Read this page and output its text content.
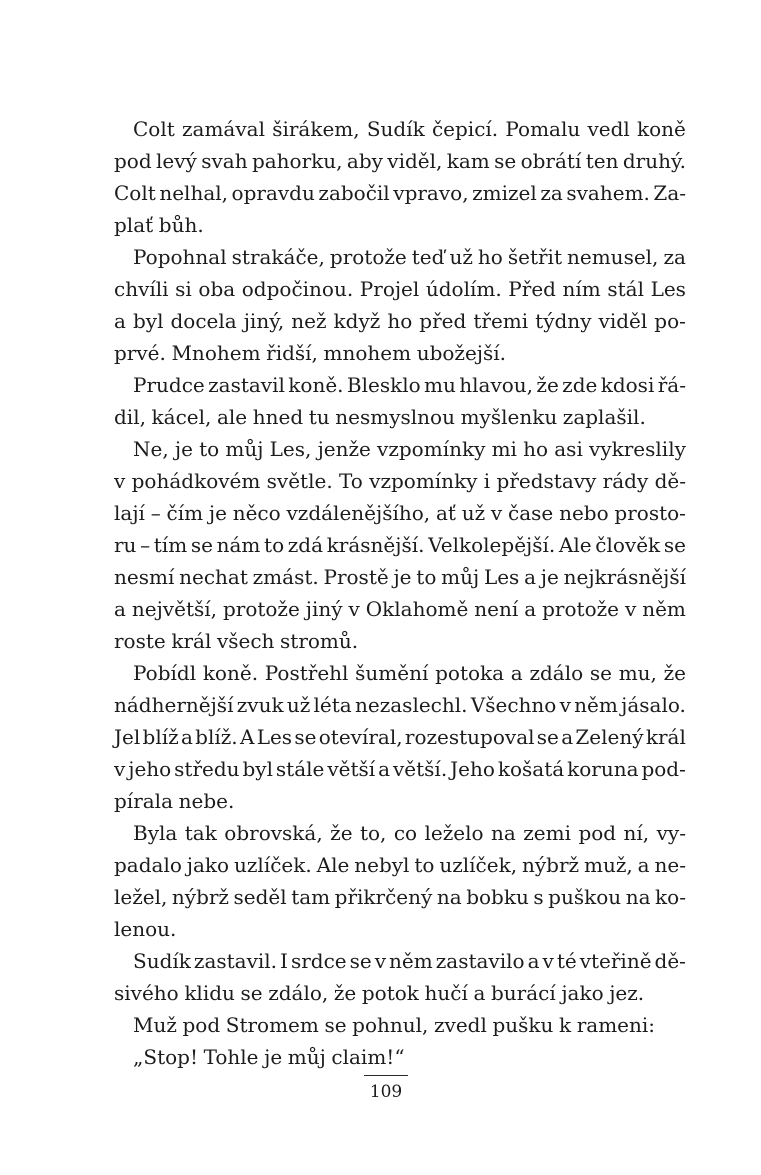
Colt zamával širákem, Sudík čepicí. Pomalu vedl koně
pod levý svah pahorku, aby viděl, kam se obrátí ten druhý.
Colt nelhal, opravdu zabočil vpravo, zmizel za svahem. Za-
plať bůh.
Popohnal strakáče, protože teď už ho šetřit nemusel, za
chvíli si oba odpočinou. Projel údolím. Před ním stál Les
a byl docela jiný, než když ho před třemi týdny viděl po-
prvé. Mnohem řidší, mnohem ubožejší.
Prudce zastavil koně. Blesklo mu hlavou, že zde kdosi řá-
dil, kácel, ale hned tu nesmyslnou myšlenku zaplašil.
Ne, je to můj Les, jenže vzpomínky mi ho asi vykreslily
v pohádkovém světle. To vzpomínky i představy rády dě-
lají – čím je něco vzdálenějšího, ať už v čase nebo prosto-
ru – tím se nám to zdá krásnější. Velkolepější. Ale člověk se
nesmí nechat zmást. Prostě je to můj Les a je nejkrásnější
a největší, protože jiný v Oklahomě není a protože v něm
roste král všech stromů.
Pobídl koně. Postřehl šumění potoka a zdálo se mu, že
nádhernější zvuk už léta nezaslechl. Všechno v něm jásalo.
Jel blíž a blíž. A Les se otevíral, rozestupoval se a Zelený král
v jeho středu byl stále větší a větší. Jeho košatá koruna pod-
pírala nebe.
Byla tak obrovská, že to, co leželo na zemi pod ní, vy-
padalo jako uzlíček. Ale nebyl to uzlíček, nýbrž muž, a ne-
ležel, nýbrž seděl tam přikrčený na bobku s puškou na ko-
lenou.
Sudík zastavil. I srdce se v něm zastavilo a v té vteřině dě-
sivého klidu se zdálo, že potok hučí a burácí jako jez.
Muž pod Stromem se pohnul, zvedl pušku k rameni:
„Stop! Tohle je můj claim!“
109
